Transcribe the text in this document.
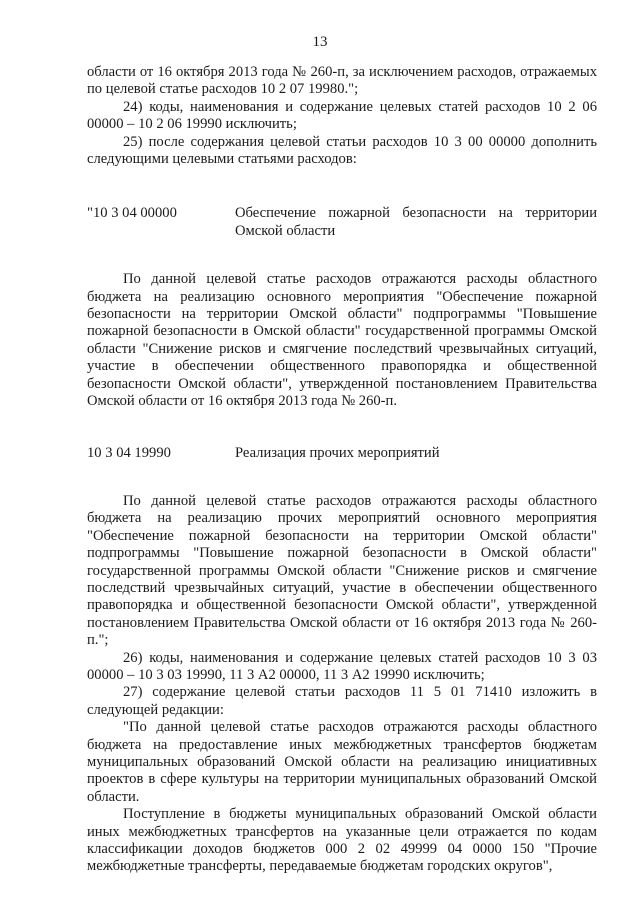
13

области от 16 октября 2013 года № 260-п, за исключением расходов, отражаемых по целевой статье расходов 10 2 07 19980.";

24) коды, наименования и содержание целевых статей расходов 10 2 06 00000 – 10 2 06 19990 исключить;

25) после содержания целевой статьи расходов 10 3 00 00000 дополнить следующими целевыми статьями расходов:

"10 3 04 00000	Обеспечение пожарной безопасности на территории Омской области

По данной целевой статье расходов отражаются расходы областного бюджета на реализацию основного мероприятия "Обеспечение пожарной безопасности на территории Омской области" подпрограммы "Повышение пожарной безопасности в Омской области" государственной программы Омской области "Снижение рисков и смягчение последствий чрезвычайных ситуаций, участие в обеспечении общественного правопорядка и общественной безопасности Омской области", утвержденной постановлением Правительства Омской области от 16 октября 2013 года № 260-п.

10 3 04 19990	Реализация прочих мероприятий

По данной целевой статье расходов отражаются расходы областного бюджета на реализацию прочих мероприятий основного мероприятия "Обеспечение пожарной безопасности на территории Омской области" подпрограммы "Повышение пожарной безопасности в Омской области" государственной программы Омской области "Снижение рисков и смягчение последствий чрезвычайных ситуаций, участие в обеспечении общественного правопорядка и общественной безопасности Омской области", утвержденной постановлением Правительства Омской области от 16 октября 2013 года № 260-п.";

26) коды, наименования и содержание целевых статей расходов 10 3 03 00000 – 10 3 03 19990, 11 3 А2 00000, 11 3 А2 19990 исключить;

27) содержание целевой статьи расходов 11 5 01 71410 изложить в следующей редакции:

"По данной целевой статье расходов отражаются расходы областного бюджета на предоставление иных межбюджетных трансфертов бюджетам муниципальных образований Омской области на реализацию инициативных проектов в сфере культуры на территории муниципальных образований Омской области.

Поступление в бюджеты муниципальных образований Омской области иных межбюджетных трансфертов на указанные цели отражается по кодам классификации доходов бюджетов 000 2 02 49999 04 0000 150 "Прочие межбюджетные трансферты, передаваемые бюджетам городских округов",
